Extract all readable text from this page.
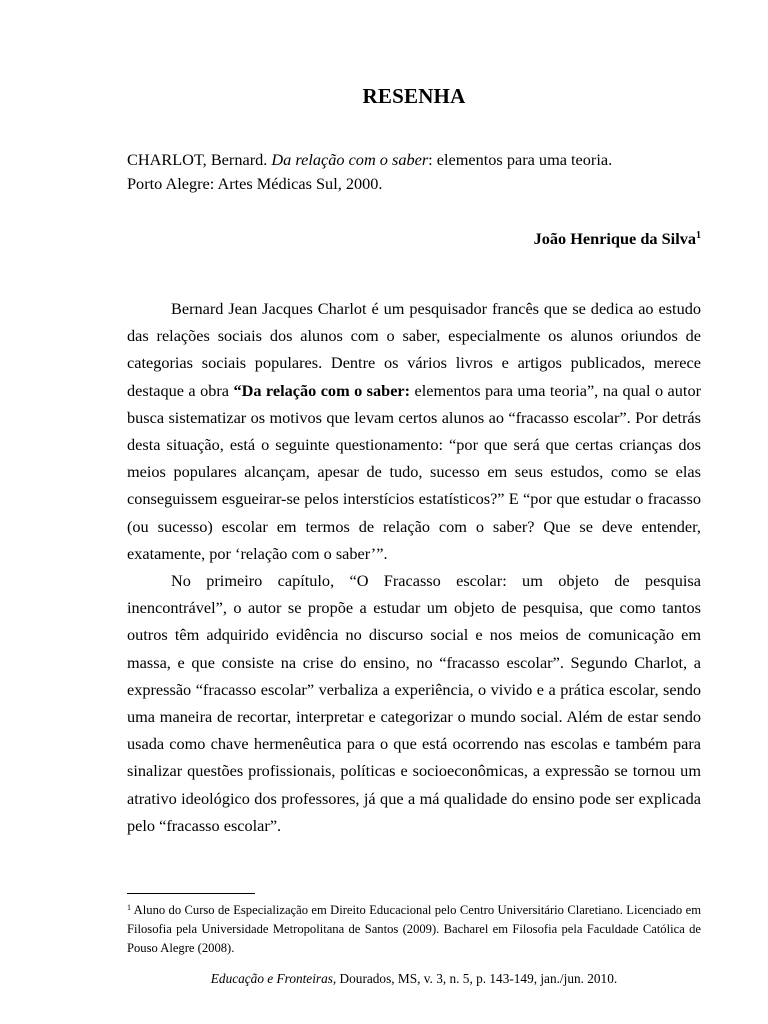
RESENHA
CHARLOT, Bernard. Da relação com o saber: elementos para uma teoria.
Porto Alegre: Artes Médicas Sul, 2000.
João Henrique da Silva$^1$

Bernard Jean Jacques Charlot é um pesquisador francês que se dedica ao estudo das relações sociais dos alunos com o saber, especialmente os alunos oriundos de categorias sociais populares. Dentre os vários livros e artigos publicados, merece destaque a obra “Da relação com o saber: elementos para uma teoria”, na qual o autor busca sistematizar os motivos que levam certos alunos ao “fracasso escolar”. Por detrás desta situação, está o seguinte questionamento: “por que será que certas crianças dos meios populares alcançam, apesar de tudo, sucesso em seus estudos, como se elas conseguissem esgueirar-se pelos interstícios estatísticos?” E “por que estudar o fracasso (ou sucesso) escolar em termos de relação com o saber? Que se deve entender, exatamente, por ‘relação com o saber’”.

No primeiro capítulo, “O Fracasso escolar: um objeto de pesquisa inencontrável”, o autor se propõe a estudar um objeto de pesquisa, que como tantos outros têm adquirido evidência no discurso social e nos meios de comunicação em massa, e que consiste na crise do ensino, no “fracasso escolar”. Segundo Charlot, a expressão “fracasso escolar” verbaliza a experiência, o vivido e a prática escolar, sendo uma maneira de recortar, interpretar e categorizar o mundo social. Além de estar sendo usada como chave hermenêutica para o que está ocorrendo nas escolas e também para sinalizar questões profissionais, políticas e socioeconômicas, a expressão se tornou um atrativo ideológico dos professores, já que a má qualidade do ensino pode ser explicada pelo “fracasso escolar”.

$^1$ Aluno do Curso de Especialização em Direito Educacional pelo Centro Universitário Claretiano. Licenciado em Filosofia pela Universidade Metropolitana de Santos (2009). Bacharel em Filosofia pela Faculdade Católica de Pouso Alegre (2008).
Educação e Fronteiras, Dourados, MS, v. 3, n. 5, p. 143-149, jan./jun. 2010.
